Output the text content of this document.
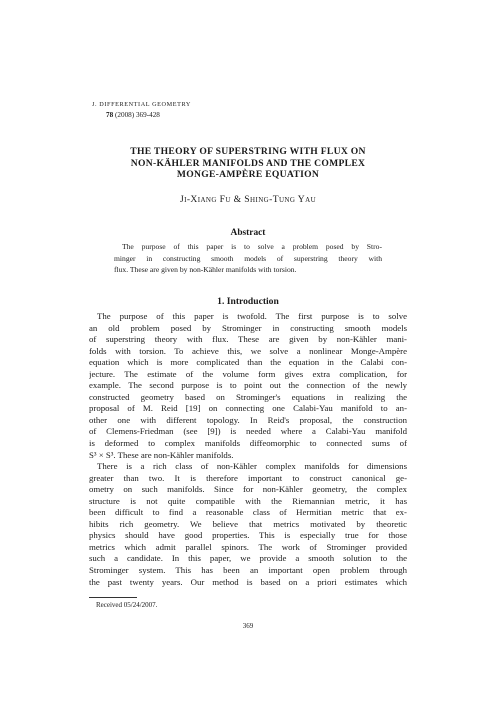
J. DIFFERENTIAL GEOMETRY
78 (2008) 369-428
THE THEORY OF SUPERSTRING WITH FLUX ON
NON-KÄHLER MANIFOLDS AND THE COMPLEX
MONGE-AMPÈRE EQUATION
Ji-Xiang Fu & Shing-Tung Yau
Abstract
The purpose of this paper is to solve a problem posed by Stro-
minger in constructing smooth models of superstring theory with
flux. These are given by non-Kähler manifolds with torsion.
1. Introduction
The purpose of this paper is twofold. The first purpose is to solve
an old problem posed by Strominger in constructing smooth models
of superstring theory with flux. These are given by non-Kähler mani-
folds with torsion. To achieve this, we solve a nonlinear Monge-Ampère
equation which is more complicated than the equation in the Calabi con-
jecture. The estimate of the volume form gives extra complication, for
example. The second purpose is to point out the connection of the newly
constructed geometry based on Strominger's equations in realizing the
proposal of M. Reid [19] on connecting one Calabi-Yau manifold to an-
other one with different topology. In Reid's proposal, the construction
of Clemens-Friedman (see [9]) is needed where a Calabi-Yau manifold
is deformed to complex manifolds diffeomorphic to connected sums of
S³ × S³. These are non-Kähler manifolds.
There is a rich class of non-Kähler complex manifolds for dimensions
greater than two. It is therefore important to construct canonical ge-
ometry on such manifolds. Since for non-Kähler geometry, the complex
structure is not quite compatible with the Riemannian metric, it has
been difficult to find a reasonable class of Hermitian metric that ex-
hibits rich geometry. We believe that metrics motivated by theoretic
physics should have good properties. This is especially true for those
metrics which admit parallel spinors. The work of Strominger provided
such a candidate. In this paper, we provide a smooth solution to the
Strominger system. This has been an important open problem through
the past twenty years. Our method is based on a priori estimates which
Received 05/24/2007.
369
